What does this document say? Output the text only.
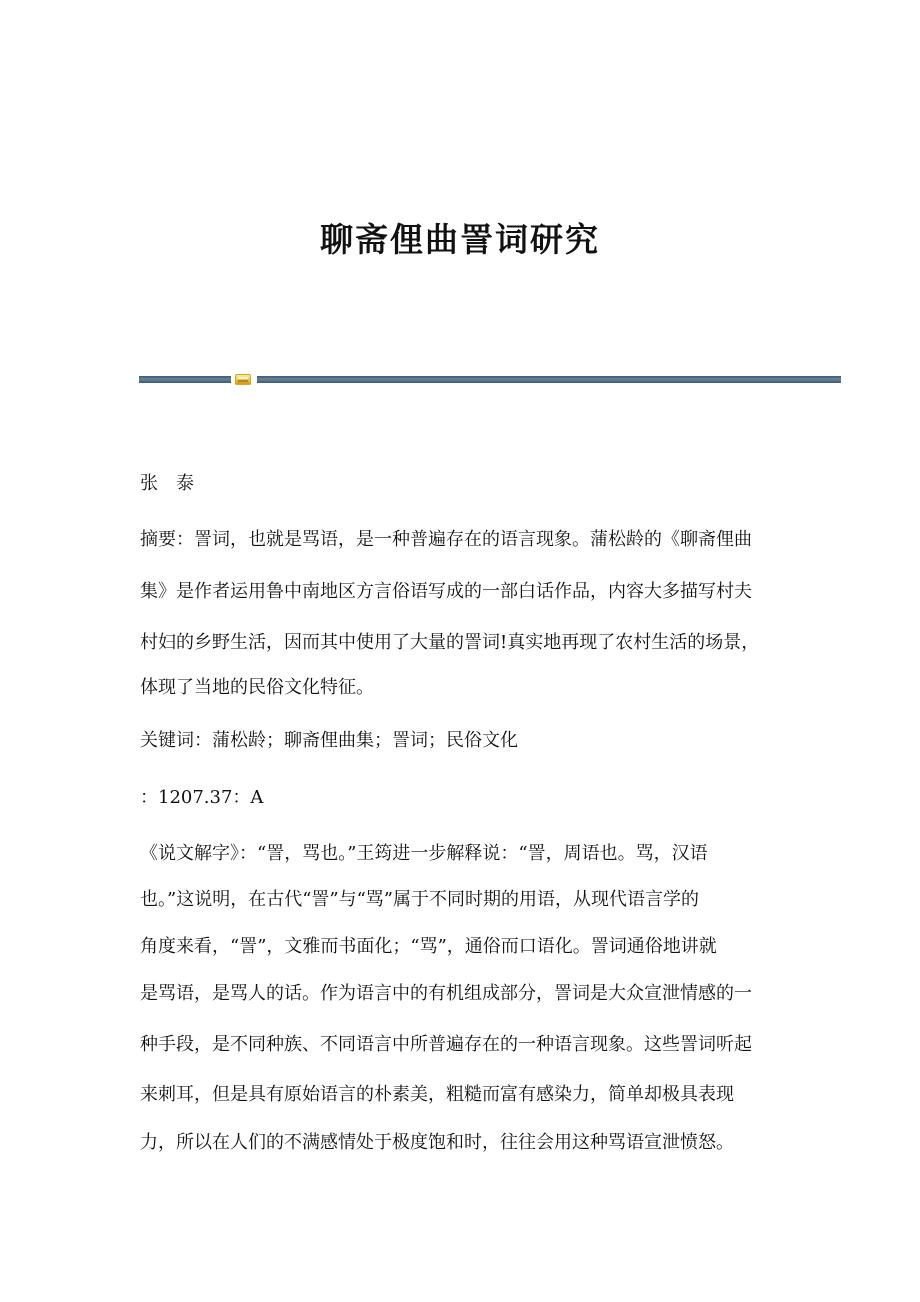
聊斋俚曲詈词研究

张　泰

摘要：詈词，也就是骂语，是一种普遍存在的语言现象。蒲松龄的《聊斋俚曲

集》是作者运用鲁中南地区方言俗语写成的一部白话作品，内容大多描写村夫

村妇的乡野生活，因而其中使用了大量的詈词!真实地再现了农村生活的场景，

体现了当地的民俗文化特征。

关键词：蒲松龄；聊斋俚曲集；詈词；民俗文化

：1207.37：A

《说文解字》：“詈，骂也。”王筠进一步解释说：“詈，周语也。骂，汉语

也。”这说明，在古代“詈”与“骂”属于不同时期的用语，从现代语言学的

角度来看，“詈”，文雅而书面化；“骂”，通俗而口语化。詈词通俗地讲就

是骂语，是骂人的话。作为语言中的有机组成部分，詈词是大众宣泄情感的一

种手段，是不同种族、不同语言中所普遍存在的一种语言现象。这些詈词听起

来刺耳，但是具有原始语言的朴素美，粗糙而富有感染力，简单却极具表现

力，所以在人们的不满感情处于极度饱和时，往往会用这种骂语宣泄愤怒。
